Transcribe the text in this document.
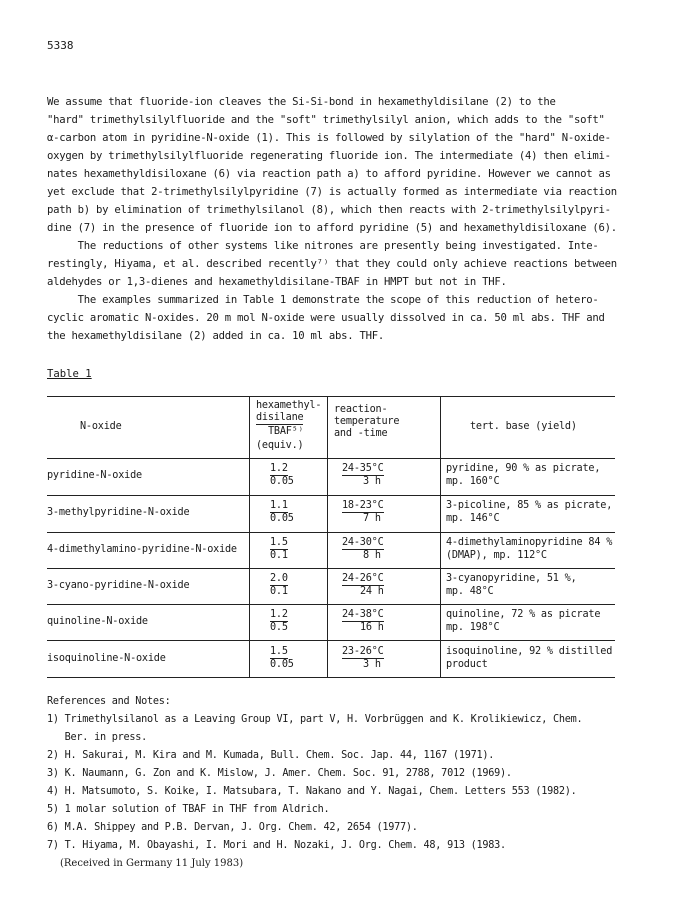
5338
We assume that fluoride-ion cleaves the Si-Si-bond in hexamethyldisilane (2) to the
"hard" trimethylsilylfluoride and the "soft" trimethylsilyl anion, which adds to the "soft"
α-carbon atom in pyridine-N-oxide (1). This is followed by silylation of the "hard" N-oxide-
oxygen by trimethylsilylfluoride regenerating fluoride ion. The intermediate (4) then elimi-
nates hexamethyldisiloxane (6) via reaction path a) to afford pyridine. However we cannot as
yet exclude that 2-trimethylsilylpyridine (7) is actually formed as intermediate via reaction
path b) by elimination of trimethylsilanol (8), which then reacts with 2-trimethylsilylpyri-
dine (7) in the presence of fluoride ion to afford pyridine (5) and hexamethyldisiloxane (6).
The reductions of other systems like nitrones are presently being investigated. Inte-
restingly, Hiyama, et al. described recently⁷⁾ that they could only achieve reactions between
aldehydes or 1,3-dienes and hexamethyldisilane-TBAF in HMPT but not in THF.
The examples summarized in Table 1 demonstrate the scope of this reduction of hetero-
cyclic aromatic N-oxides. 20 m mol N-oxide were usually dissolved in ca. 50 ml abs. THF and
the hexamethyldisilane (2) added in ca. 10 ml abs. THF.
Table 1
N-oxide
hexamethyl-
disilane
TBAF⁵⁾
(equiv.)
reaction-
temperature
and -time
tert. base (yield)
pyridine-N-oxide
1.2
0.05
24-35°C
3 h
pyridine, 90 % as picrate,
mp. 160°C
3-methylpyridine-N-oxide
1.1
0.05
18-23°C
7 h
3-picoline, 85 % as picrate,
mp. 146°C
4-dimethylamino-pyridine-N-oxide
1.5
0.1
24-30°C
8 h
4-dimethylaminopyridine 84 %
(DMAP), mp. 112°C
3-cyano-pyridine-N-oxide
2.0
0.1
24-26°C
24 h
3-cyanopyridine, 51 %,
mp. 48°C
quinoline-N-oxide
1.2
0.5
24-38°C
16 h
quinoline, 72 % as picrate
mp. 198°C
isoquinoline-N-oxide
1.5
0.05
23-26°C
3 h
isoquinoline, 92 % distilled
product
References and Notes:
1) Trimethylsilanol as a Leaving Group VI, part V, H. Vorbrüggen and K. Krolikiewicz, Chem.
Ber. in press.
2) H. Sakurai, M. Kira and M. Kumada, Bull. Chem. Soc. Jap. 44, 1167 (1971).
3) K. Naumann, G. Zon and K. Mislow, J. Amer. Chem. Soc. 91, 2788, 7012 (1969).
4) H. Matsumoto, S. Koike, I. Matsubara, T. Nakano and Y. Nagai, Chem. Letters 553 (1982).
5) 1 molar solution of TBAF in THF from Aldrich.
6) M.A. Shippey and P.B. Dervan, J. Org. Chem. 42, 2654 (1977).
7) T. Hiyama, M. Obayashi, I. Mori and H. Nozaki, J. Org. Chem. 48, 913 (1983.
(Received in Germany 11 July 1983)
